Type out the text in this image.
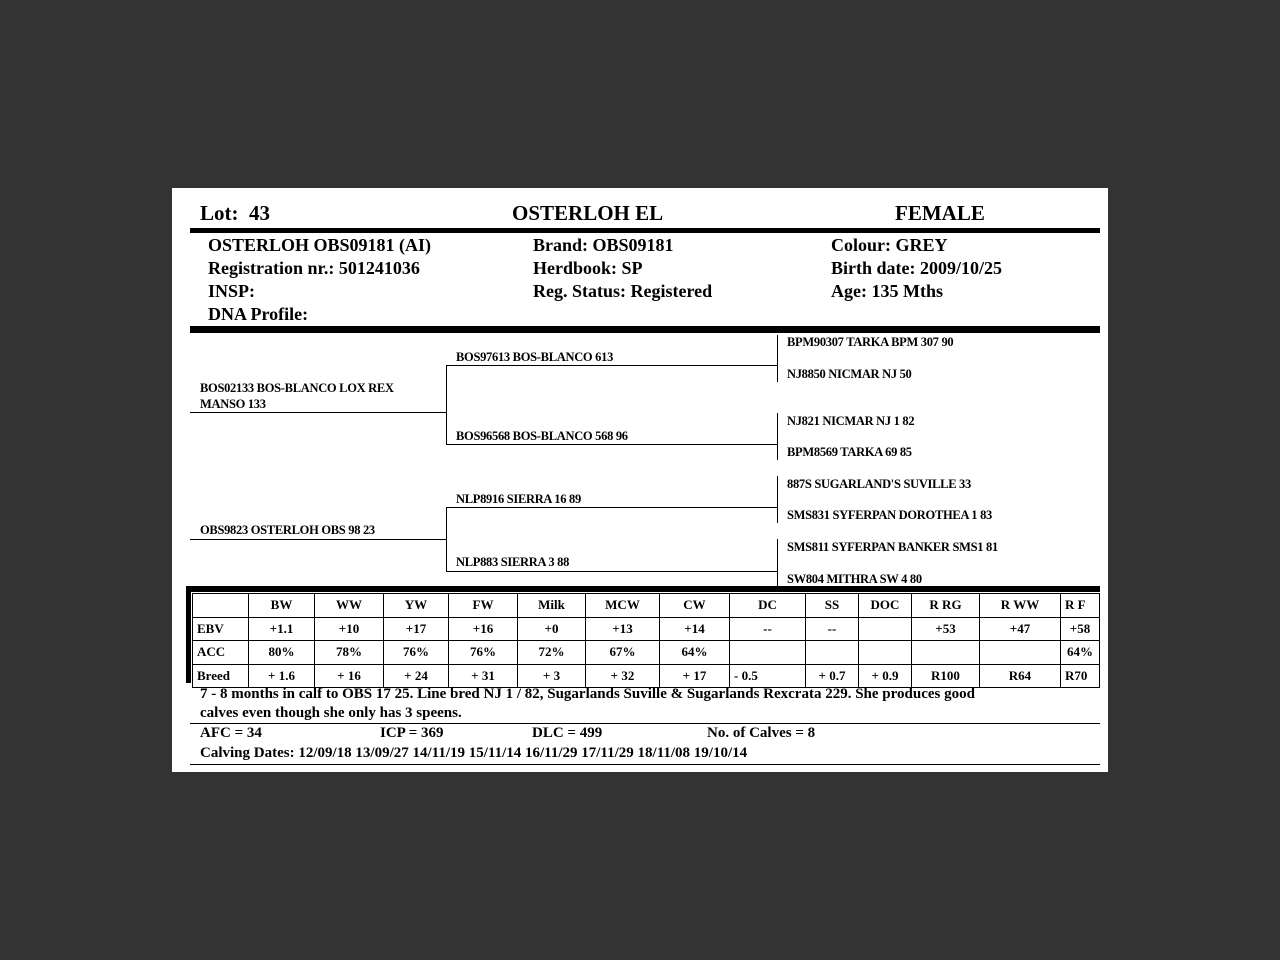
Lot: 43	OSTERLOH EL	FEMALE
OSTERLOH OBS09181 (AI)
Registration nr.: 501241036
INSP:
DNA Profile:
Brand: OBS09181
Herdbook: SP
Reg. Status: Registered
Colour: GREY
Birth date: 2009/10/25
Age: 135 Mths
BOS02133 BOS-BLANCO LOX REX
MANSO 133
OBS9823 OSTERLOH OBS 98 23
BOS97613 BOS-BLANCO 613
BOS96568 BOS-BLANCO 568 96
NLP8916 SIERRA 16 89
NLP883 SIERRA 3 88
BPM90307 TARKA BPM 307 90
NJ8850 NICMAR NJ 50
NJ821 NICMAR NJ 1 82
BPM8569 TARKA 69 85
887S SUGARLAND'S SUVILLE 33
SMS831 SYFERPAN DOROTHEA 1 83
SMS811 SYFERPAN BANKER SMS1 81
SW804 MITHRA SW 4 80
	BW	WW	YW	FW	Milk	MCW	CW	DC	SS	DOC	R RG	R WW	R F
EBV	+1.1	+10	+17	+16	+0	+13	+14	--	--		+53	+47	+58
ACC	80%	78%	76%	76%	72%	67%	64%						64%
Breed	+ 1.6	+ 16	+ 24	+ 31	+ 3	+ 32	+ 17	- 0.5	+ 0.7	+ 0.9	R100	R64	R70
7 - 8 months in calf to OBS 17 25. Line bred NJ 1 / 82, Sugarlands Suville & Sugarlands Rexcrata 229. She produces good
calves even though she only has 3 speens.
AFC = 34	ICP = 369	DLC = 499	No. of Calves = 8
Calving Dates: 12/09/18 13/09/27 14/11/19 15/11/14 16/11/29 17/11/29 18/11/08 19/10/14
